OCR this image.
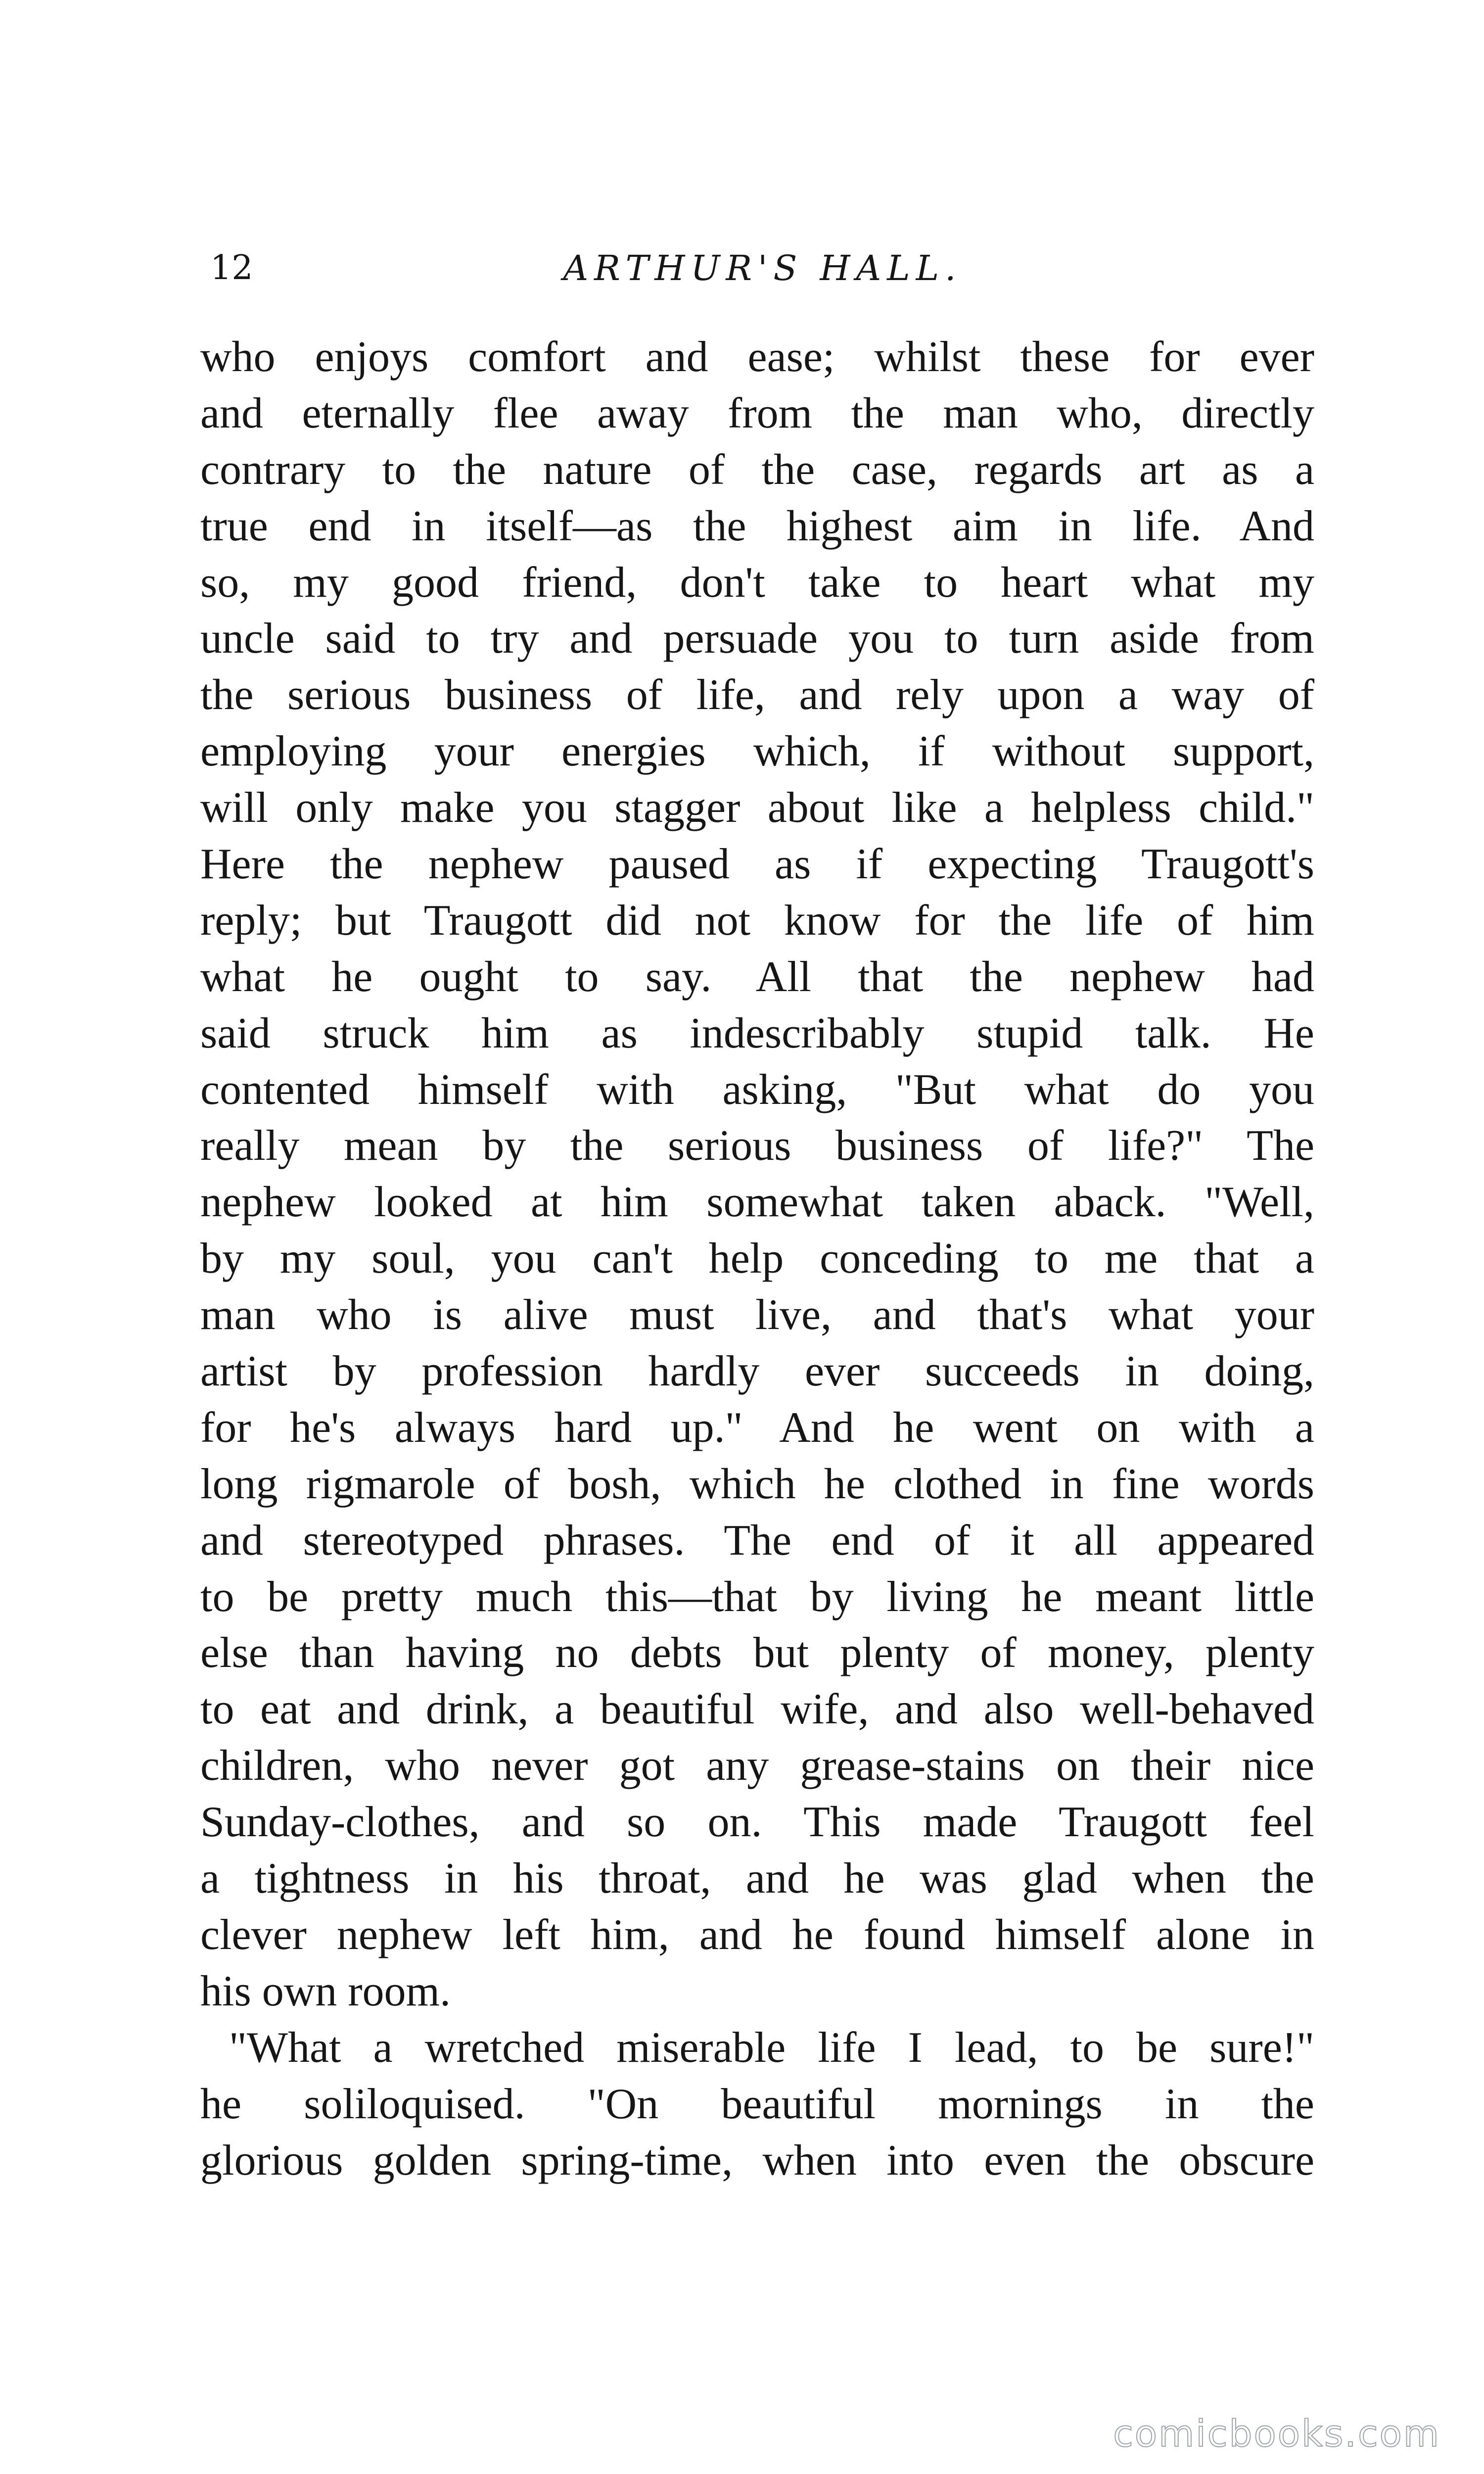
12	ARTHUR'S HALL.
who enjoys comfort and ease; whilst these for ever
and eternally flee away from the man who, directly
contrary to the nature of the case, regards art as a
true end in itself—as the highest aim in life. And
so, my good friend, don't take to heart what my
uncle said to try and persuade you to turn aside from
the serious business of life, and rely upon a way of
employing your energies which, if without support,
will only make you stagger about like a helpless child."
Here the nephew paused as if expecting Traugott's
reply; but Traugott did not know for the life of him
what he ought to say. All that the nephew had
said struck him as indescribably stupid talk. He
contented himself with asking, "But what do you
really mean by the serious business of life?" The
nephew looked at him somewhat taken aback. "Well,
by my soul, you can't help conceding to me that a
man who is alive must live, and that's what your
artist by profession hardly ever succeeds in doing,
for he's always hard up." And he went on with a
long rigmarole of bosh, which he clothed in fine words
and stereotyped phrases. The end of it all appeared
to be pretty much this—that by living he meant little
else than having no debts but plenty of money, plenty
to eat and drink, a beautiful wife, and also well-behaved
children, who never got any grease-stains on their nice
Sunday-clothes, and so on. This made Traugott feel
a tightness in his throat, and he was glad when the
clever nephew left him, and he found himself alone in
his own room.
"What a wretched miserable life I lead, to be sure!"
he soliloquised. "On beautiful mornings in the
glorious golden spring-time, when into even the obscure
comicbooks.com
